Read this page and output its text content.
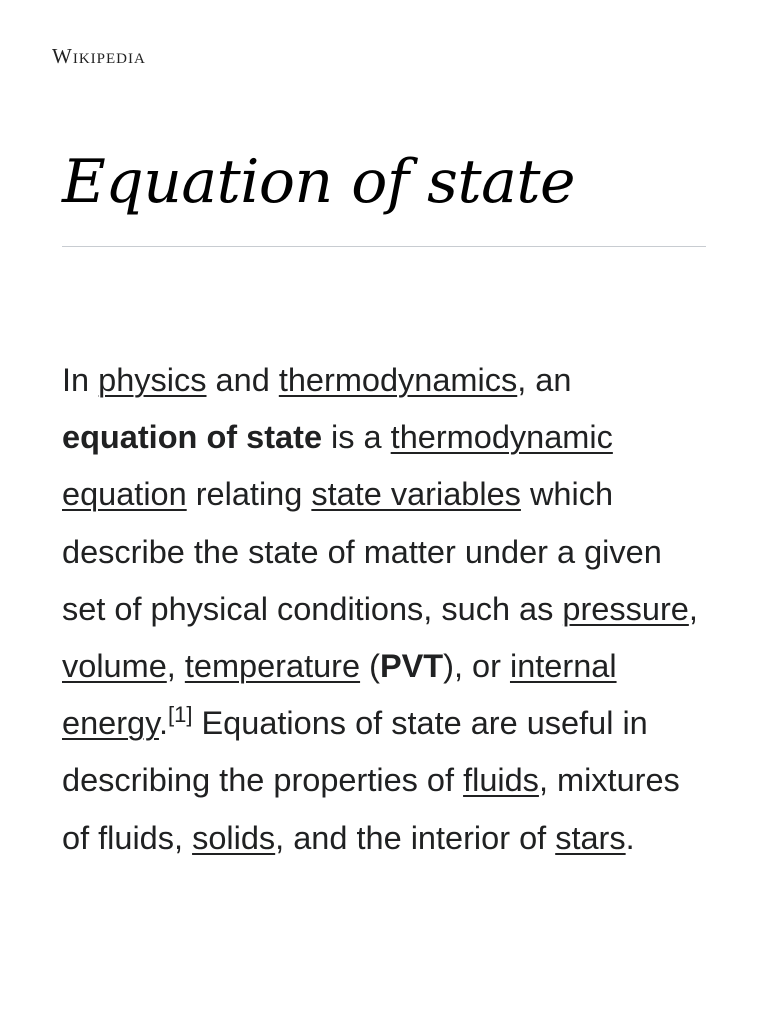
Wikipedia
Equation of state

In physics and thermodynamics, an equation of state is a thermodynamic equation relating state variables which describe the state of matter under a given set of physical conditions, such as pressure, volume, temperature (PVT), or internal energy.[1] Equations of state are useful in describing the properties of fluids, mixtures of fluids, solids, and the interior of stars.
